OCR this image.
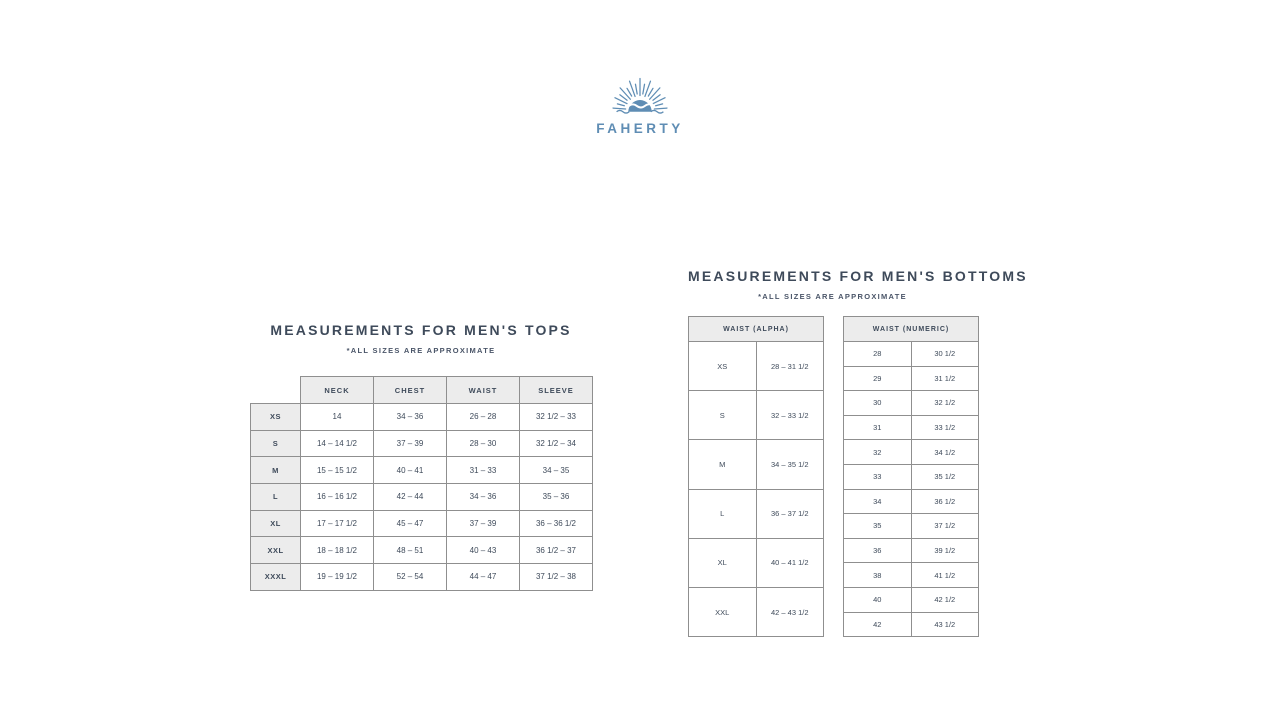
FAHERTY
MEASUREMENTS FOR MEN'S TOPS
*ALL SIZES ARE APPROXIMATE
	NECK	CHEST	WAIST	SLEEVE
XS	14	34 – 36	26 – 28	32 1/2 – 33
S	14 – 14 1/2	37 – 39	28 – 30	32 1/2 – 34
M	15 – 15 1/2	40 – 41	31 – 33	34 – 35
L	16 – 16 1/2	42 – 44	34 – 36	35 – 36
XL	17 – 17 1/2	45 – 47	37 – 39	36 – 36 1/2
XXL	18 – 18 1/2	48 – 51	40 – 43	36 1/2 – 37
XXXL	19 – 19 1/2	52 – 54	44 – 47	37 1/2 – 38
MEASUREMENTS FOR MEN'S BOTTOMS
*ALL SIZES ARE APPROXIMATE
WAIST (ALPHA)	
XS	28 – 31 1/2
S	32 – 33 1/2
M	34 – 35 1/2
L	36 – 37 1/2
XL	40 – 41 1/2
XXL	42 – 43 1/2
WAIST (NUMERIC)	
28	30 1/2
29	31 1/2
30	32 1/2
31	33 1/2
32	34 1/2
33	35 1/2
34	36 1/2
35	37 1/2
36	39 1/2
38	41 1/2
40	42 1/2
42	43 1/2
